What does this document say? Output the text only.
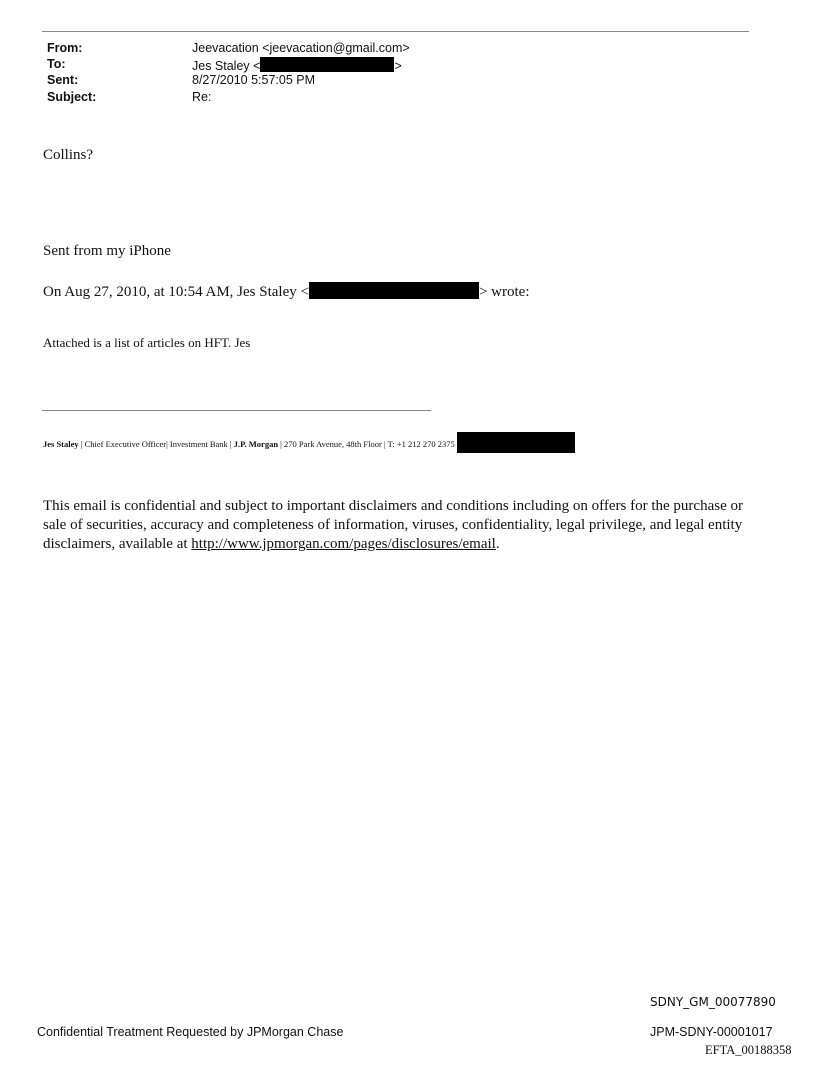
From:	Jeevacation <jeevacation@gmail.com>
To:	Jes Staley <	>
Sent:	8/27/2010 5:57:05 PM
Subject:	Re:
Collins?
Sent from my iPhone
On Aug 27, 2010, at 10:54 AM, Jes Staley <	> wrote:
Attached is a list of articles on HFT. Jes
Jes Staley | Chief Executive Officer| Investment Bank | J.P. Morgan | 270 Park Avenue, 48th Floor | T: +1 212 270 2375
This email is confidential and subject to important disclaimers and conditions including on offers for the purchase or sale of securities, accuracy and completeness of information, viruses, confidentiality, legal privilege, and legal entity disclaimers, available at http://www.jpmorgan.com/pages/disclosures/email.
SDNY_GM_00077890
Confidential Treatment Requested by JPMorgan Chase	JPM-SDNY-00001017
EFTA_00188358
